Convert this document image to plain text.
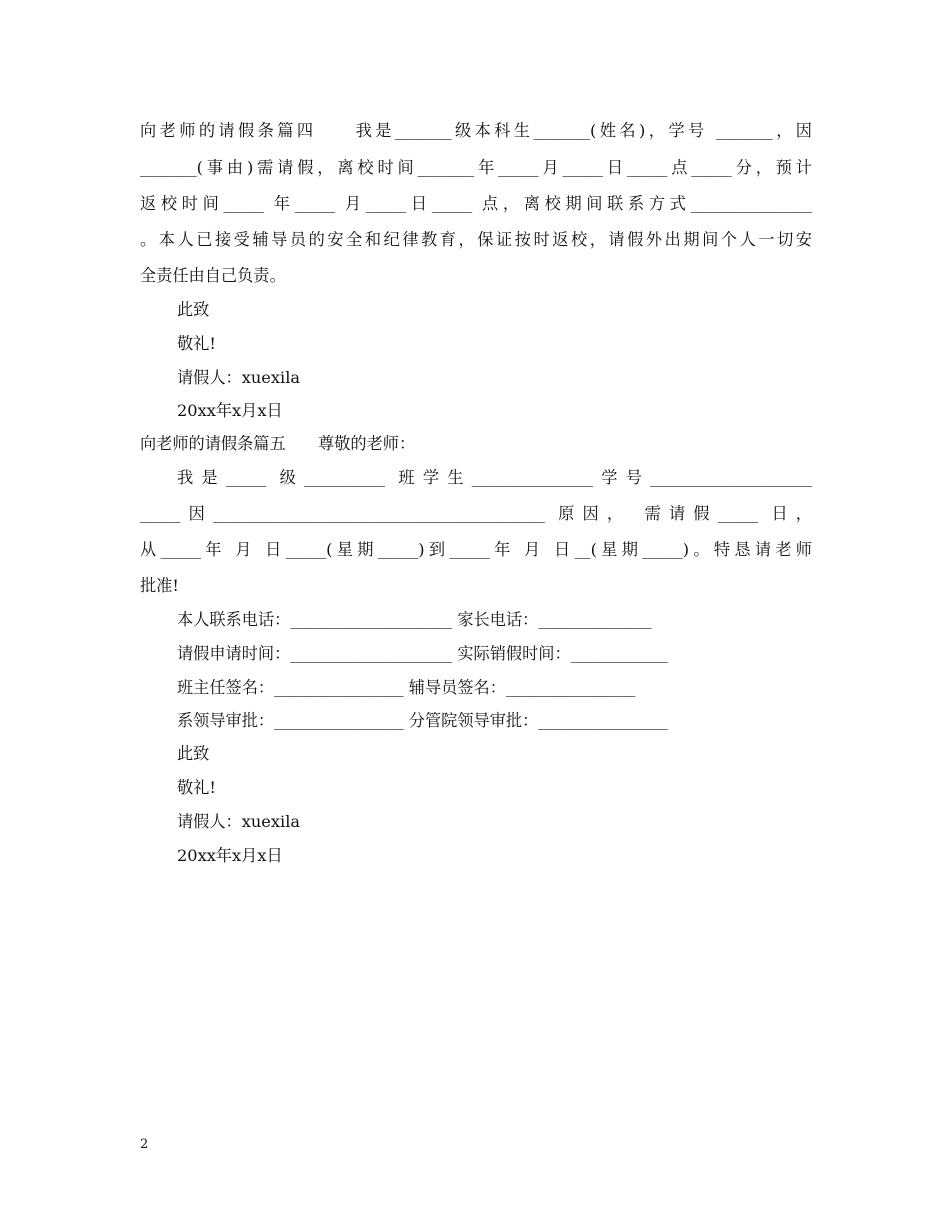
向老师的请假条篇四　　我是_______级本科生_______(姓名)，学号 _______，因
_______(事由)需请假，离校时间_______年_____月_____日_____点_____分，预计
返校时间_____ 年_____ 月_____日_____ 点，离校期间联系方式_______________
。本人已接受辅导员的安全和纪律教育，保证按时返校，请假外出期间个人一切安
全责任由自己负责。
此致
敬礼!
请假人：xuexila
20xx年x月x日
向老师的请假条篇五　　尊敬的老师：
我是_____ 级__________ 班学生_______________学号____________________
_____因_________________________________________ 原因， 需请假_____ 日，
从_____年 月 日_____(星期_____)到_____年 月 日__(星期_____)。特恳请老师
批准!
本人联系电话：____________________ 家长电话：______________
请假申请时间：____________________ 实际销假时间：____________
班主任签名：________________ 辅导员签名：________________
系领导审批：________________ 分管院领导审批：________________
此致
敬礼!
请假人：xuexila
20xx年x月x日
2
